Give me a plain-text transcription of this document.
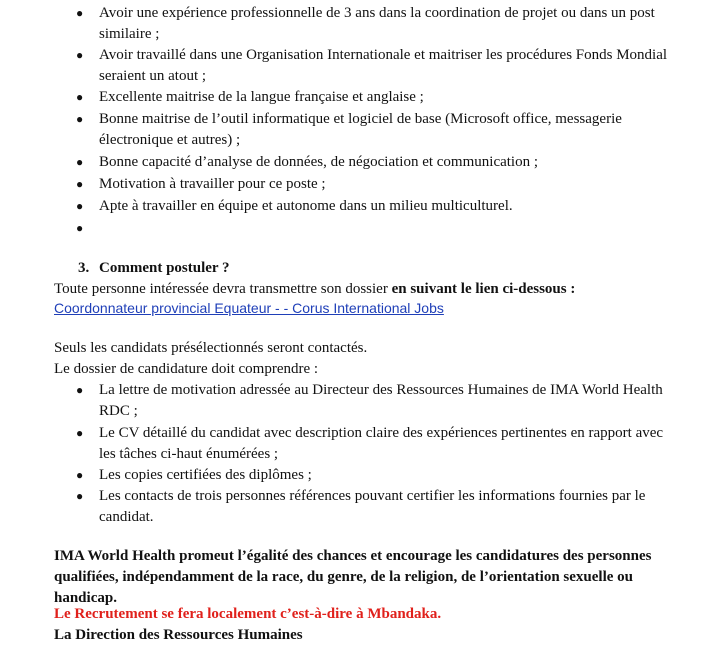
● Avoir une expérience professionnelle de 3 ans dans la coordination de projet ou dans un post similaire ;
● Avoir travaillé dans une Organisation Internationale et maitriser les procédures Fonds Mondial seraient un atout ;
● Excellente maitrise de la langue française et anglaise ;
● Bonne maitrise de l’outil informatique et logiciel de base (Microsoft office, messagerie électronique et autres) ;
● Bonne capacité d’analyse de données, de négociation et communication ;
● Motivation à travailler pour ce poste ;
● Apte à travailler en équipe et autonome dans un milieu multiculturel.
●
3. Comment postuler ?
Toute personne intéressée devra transmettre son dossier en suivant le lien ci-dessous :
Coordonnateur provincial Equateur - - Corus International Jobs
Seuls les candidats présélectionnés seront contactés.
Le dossier de candidature doit comprendre :
● La lettre de motivation adressée au Directeur des Ressources Humaines de IMA World Health RDC ;
● Le CV détaillé du candidat avec description claire des expériences pertinentes en rapport avec les tâches ci-haut énumérées ;
● Les copies certifiées des diplômes ;
● Les contacts de trois personnes références pouvant certifier les informations fournies par le candidat.
IMA World Health promeut l’égalité des chances et encourage les candidatures des personnes qualifiées, indépendamment de la race, du genre, de la religion, de l’orientation sexuelle ou handicap.
Le Recrutement se fera localement c’est-à-dire à Mbandaka.
La Direction des Ressources Humaines
